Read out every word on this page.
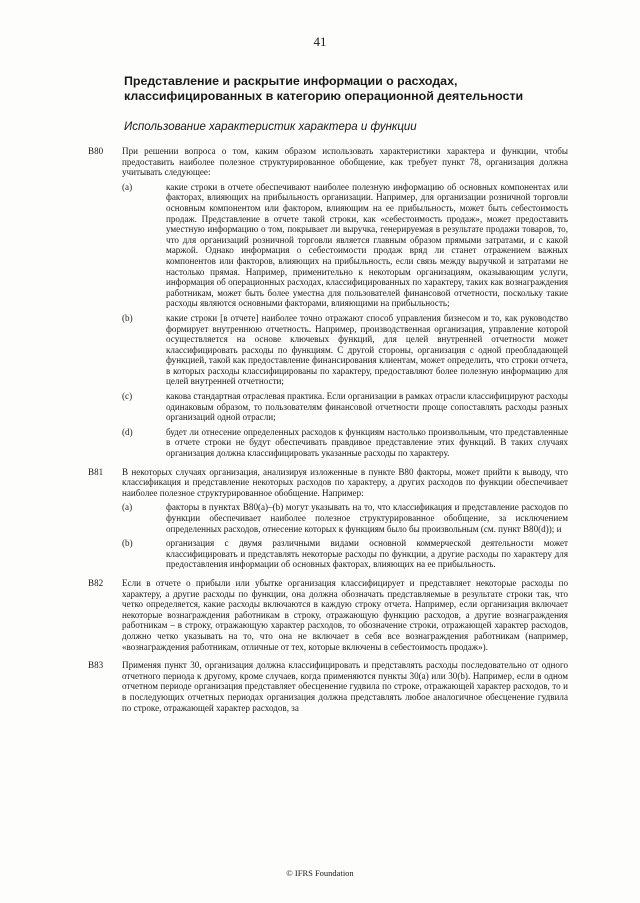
41
Представление и раскрытие информации о расходах, классифицированных в категорию операционной деятельности
Использование характеристик характера и функции
B80 При решении вопроса о том, каким образом использовать характеристики характера и функции, чтобы предоставить наиболее полезное структурированное обобщение, как требует пункт 78, организация должна учитывать следующее:
(a)	какие строки в отчете обеспечивают наиболее полезную информацию об основных компонентах или факторах, влияющих на прибыльность организации. Например, для организации розничной торговли основным компонентом или фактором, влияющим на ее прибыльность, может быть себестоимость продаж. Представление в отчете такой строки, как «себестоимость продаж», может предоставить уместную информацию о том, покрывает ли выручка, генерируемая в результате продажи товаров, то, что для организаций розничной торговли является главным образом прямыми затратами, и с какой маржой. Однако информация о себестоимости продаж вряд ли станет отражением важных компонентов или факторов, влияющих на прибыльность, если связь между выручкой и затратами не настолько прямая. Например, применительно к некоторым организациям, оказывающим услуги, информация об операционных расходах, классифицированных по характеру, таких как вознаграждения работникам, может быть более уместна для пользователей финансовой отчетности, поскольку такие расходы являются основными факторами, влияющими на прибыльность;
(b)	какие строки [в отчете] наиболее точно отражают способ управления бизнесом и то, как руководство формирует внутреннюю отчетность. Например, производственная организация, управление которой осуществляется на основе ключевых функций, для целей внутренней отчетности может классифицировать расходы по функциям. С другой стороны, организация с одной преобладающей функцией, такой как предоставление финансирования клиентам, может определить, что строки отчета, в которых расходы классифицированы по характеру, предоставляют более полезную информацию для целей внутренней отчетности;
(c)	какова стандартная отраслевая практика. Если организации в рамках отрасли классифицируют расходы одинаковым образом, то пользователям финансовой отчетности проще сопоставлять расходы разных организаций одной отрасли;
(d)	будет ли отнесение определенных расходов к функциям настолько произвольным, что представленные в отчете строки не будут обеспечивать правдивое представление этих функций. В таких случаях организация должна классифицировать указанные расходы по характеру.
B81 В некоторых случаях организация, анализируя изложенные в пункте B80 факторы, может прийти к выводу, что классификация и представление некоторых расходов по характеру, а других расходов по функции обеспечивает наиболее полезное структурированное обобщение. Например:
(a)	факторы в пунктах B80(a)–(b) могут указывать на то, что классификация и представление расходов по функции обеспечивает наиболее полезное структурированное обобщение, за исключением определенных расходов, отнесение которых к функциям было бы произвольным (см. пункт B80(d)); и
(b)	организация с двумя различными видами основной коммерческой деятельности может классифицировать и представлять некоторые расходы по функции, а другие расходы по характеру для предоставления информации об основных факторах, влияющих на ее прибыльность.
B82 Если в отчете о прибыли или убытке организация классифицирует и представляет некоторые расходы по характеру, а другие расходы по функции, она должна обозначать представляемые в результате строки так, что четко определяется, какие расходы включаются в каждую строку отчета. Например, если организация включает некоторые вознаграждения работникам в строку, отражающую функцию расходов, а другие вознаграждения работникам – в строку, отражающую характер расходов, то обозначение строки, отражающей характер расходов, должно четко указывать на то, что она не включает в себя все вознаграждения работникам (например, «вознаграждения работникам, отличные от тех, которые включены в себестоимость продаж»).
B83 Применяя пункт 30, организация должна классифицировать и представлять расходы последовательно от одного отчетного периода к другому, кроме случаев, когда применяются пункты 30(a) или 30(b). Например, если в одном отчетном периоде организация представляет обесценение гудвила по строке, отражающей характер расходов, то и в последующих отчетных периодах организация должна представлять любое аналогичное обесценение гудвила по строке, отражающей характер расходов, за
© IFRS Foundation
